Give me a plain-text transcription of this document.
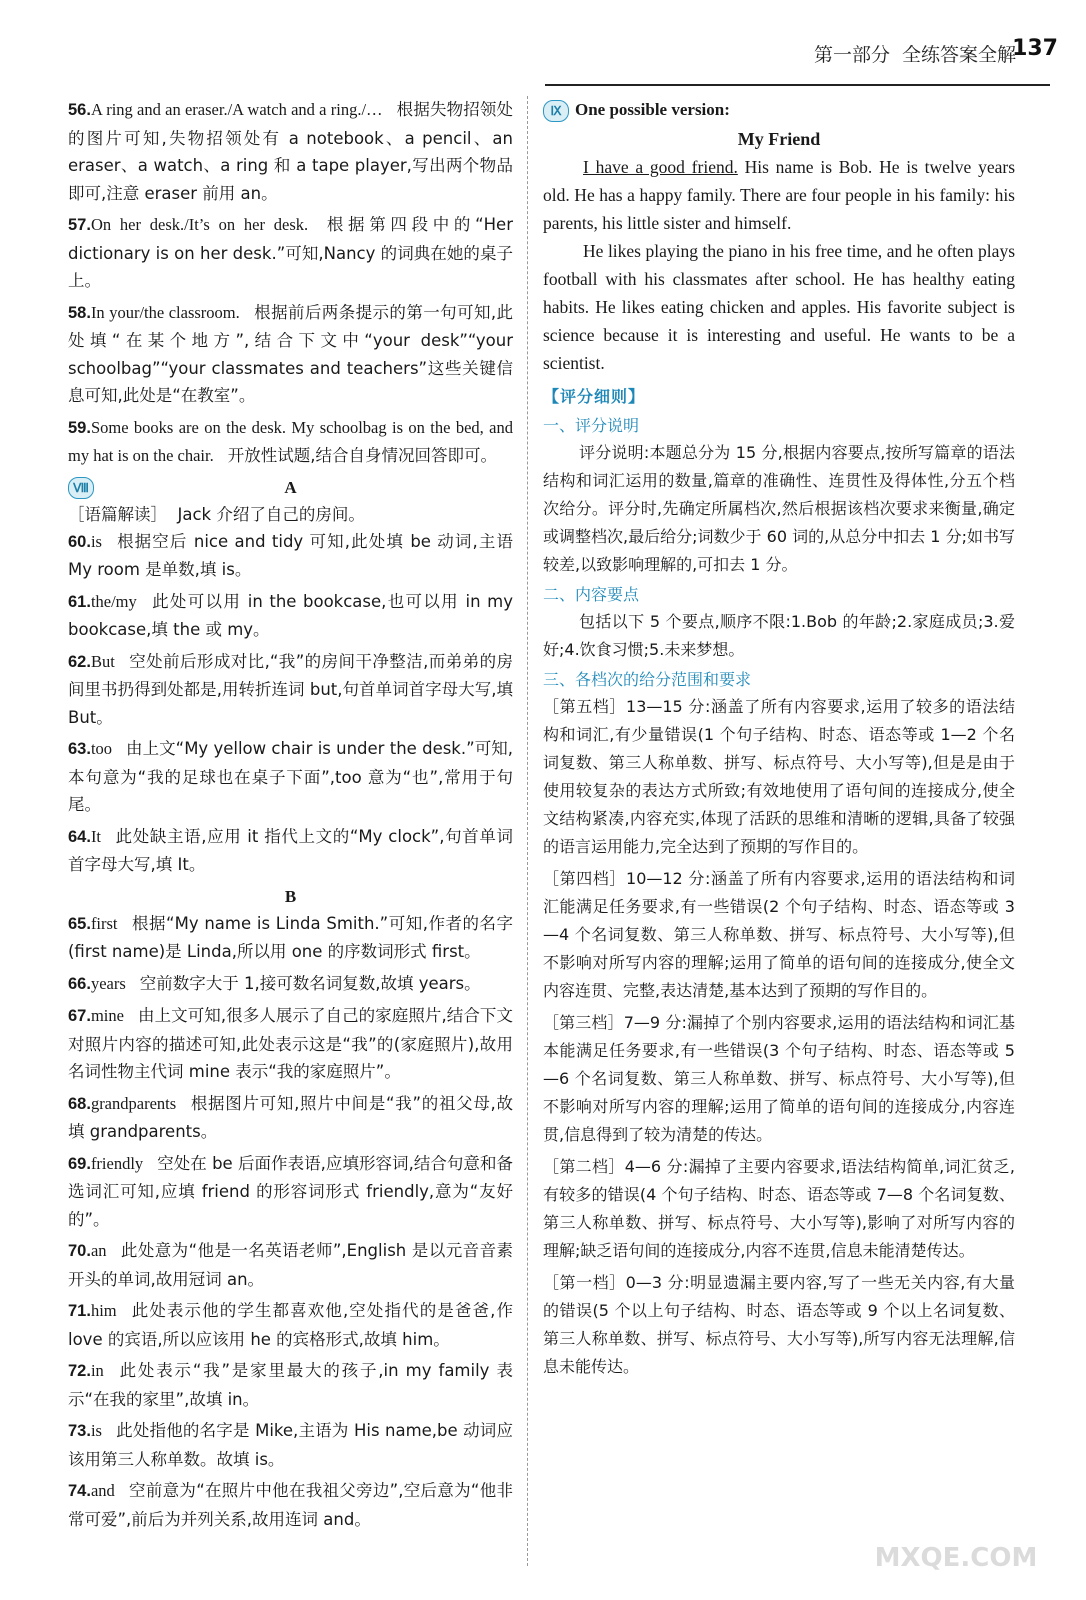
第一部分 全练答案全解
137
56.A ring and an eraser./A watch and a ring./… 根据失物招领处的图片可知,失物招领处有 a notebook、a pencil、an eraser、a watch、a ring 和 a tape player,写出两个物品即可,注意 eraser 前用 an。
57.On her desk./It’s on her desk. 根据第四段中的“Her dictionary is on her desk.”可知,Nancy 的词典在她的桌子上。
58.In your/the classroom. 根据前后两条提示的第一句可知,此处填“在某个地方”,结合下文中“your desk”“your schoolbag”“your classmates and teachers”这些关键信息可知,此处是“在教室”。
59.Some books are on the desk. My schoolbag is on the bed, and my hat is on the chair. 开放性试题,结合自身情况回答即可。
Ⅷ	A
［语篇解读］ Jack 介绍了自己的房间。
60.is 根据空后 nice and tidy 可知,此处填 be 动词,主语 My room 是单数,填 is。
61.the/my 此处可以用 in the bookcase,也可以用 in my bookcase,填 the 或 my。
62.But 空处前后形成对比,“我”的房间干净整洁,而弟弟的房间里书扔得到处都是,用转折连词 but,句首单词首字母大写,填 But。
63.too 由上文“My yellow chair is under the desk.”可知,本句意为“我的足球也在桌子下面”,too 意为“也”,常用于句尾。
64.It 此处缺主语,应用 it 指代上文的“My clock”,句首单词首字母大写,填 It。
B
65.first 根据“My name is Linda Smith.”可知,作者的名字(first name)是 Linda,所以用 one 的序数词形式 first。
66.years 空前数字大于 1,接可数名词复数,故填 years。
67.mine 由上文可知,很多人展示了自己的家庭照片,结合下文对照片内容的描述可知,此处表示这是“我”的(家庭照片),故用名词性物主代词 mine 表示“我的家庭照片”。
68.grandparents 根据图片可知,照片中间是“我”的祖父母,故填 grandparents。
69.friendly 空处在 be 后面作表语,应填形容词,结合句意和备选词汇可知,应填 friend 的形容词形式 friendly,意为“友好的”。
70.an 此处意为“他是一名英语老师”,English 是以元音音素开头的单词,故用冠词 an。
71.him 此处表示他的学生都喜欢他,空处指代的是爸爸,作 love 的宾语,所以应该用 he 的宾格形式,故填 him。
72.in 此处表示“我”是家里最大的孩子,in my family 表示“在我的家里”,故填 in。
73.is 此处指他的名字是 Mike,主语为 His name,be 动词应该用第三人称单数。故填 is。
74.and 空前意为“在照片中他在我祖父旁边”,空后意为“他非常可爱”,前后为并列关系,故用连词 and。
Ⅸ One possible version:
My Friend

I have a good friend. His name is Bob. He is twelve years old. He has a happy family. There are four people in his family: his parents, his little sister and himself.

He likes playing the piano in his free time, and he often plays football with his classmates after school. He has healthy eating habits. He likes eating chicken and apples. His favorite subject is science because it is interesting and useful. He wants to be a scientist.

【评分细则】
一、评分说明

评分说明:本题总分为 15 分,根据内容要点,按所写篇章的语法结构和词汇运用的数量,篇章的准确性、连贯性及得体性,分五个档次给分。评分时,先确定所属档次,然后根据该档次要求来衡量,确定或调整档次,最后给分;词数少于 60 词的,从总分中扣去 1 分;如书写较差,以致影响理解的,可扣去 1 分。

二、内容要点

包括以下 5 个要点,顺序不限:1.Bob 的年龄;2.家庭成员;3.爱好;4.饮食习惯;5.未来梦想。

三、各档次的给分范围和要求

［第五档］13—15 分:涵盖了所有内容要求,运用了较多的语法结构和词汇,有少量错误(1 个句子结构、时态、语态等或 1—2 个名词复数、第三人称单数、拼写、标点符号、大小写等),但是是由于使用较复杂的表达方式所致;有效地使用了语句间的连接成分,使全文结构紧凑,内容充实,体现了活跃的思维和清晰的逻辑,具备了较强的语言运用能力,完全达到了预期的写作目的。

［第四档］10—12 分:涵盖了所有内容要求,运用的语法结构和词汇能满足任务要求,有一些错误(2 个句子结构、时态、语态等或 3—4 个名词复数、第三人称单数、拼写、标点符号、大小写等),但不影响对所写内容的理解;运用了简单的语句间的连接成分,使全文内容连贯、完整,表达清楚,基本达到了预期的写作目的。

［第三档］7—9 分:漏掉了个别内容要求,运用的语法结构和词汇基本能满足任务要求,有一些错误(3 个句子结构、时态、语态等或 5—6 个名词复数、第三人称单数、拼写、标点符号、大小写等),但不影响对所写内容的理解;运用了简单的语句间的连接成分,内容连贯,信息得到了较为清楚的传达。

［第二档］4—6 分:漏掉了主要内容要求,语法结构简单,词汇贫乏,有较多的错误(4 个句子结构、时态、语态等或 7—8 个名词复数、第三人称单数、拼写、标点符号、大小写等),影响了对所写内容的理解;缺乏语句间的连接成分,内容不连贯,信息未能清楚传达。

［第一档］0—3 分:明显遗漏主要内容,写了一些无关内容,有大量的错误(5 个以上句子结构、时态、语态等或 9 个以上名词复数、第三人称单数、拼写、标点符号、大小写等),所写内容无法理解,信息未能传达。

MXQE.COM
